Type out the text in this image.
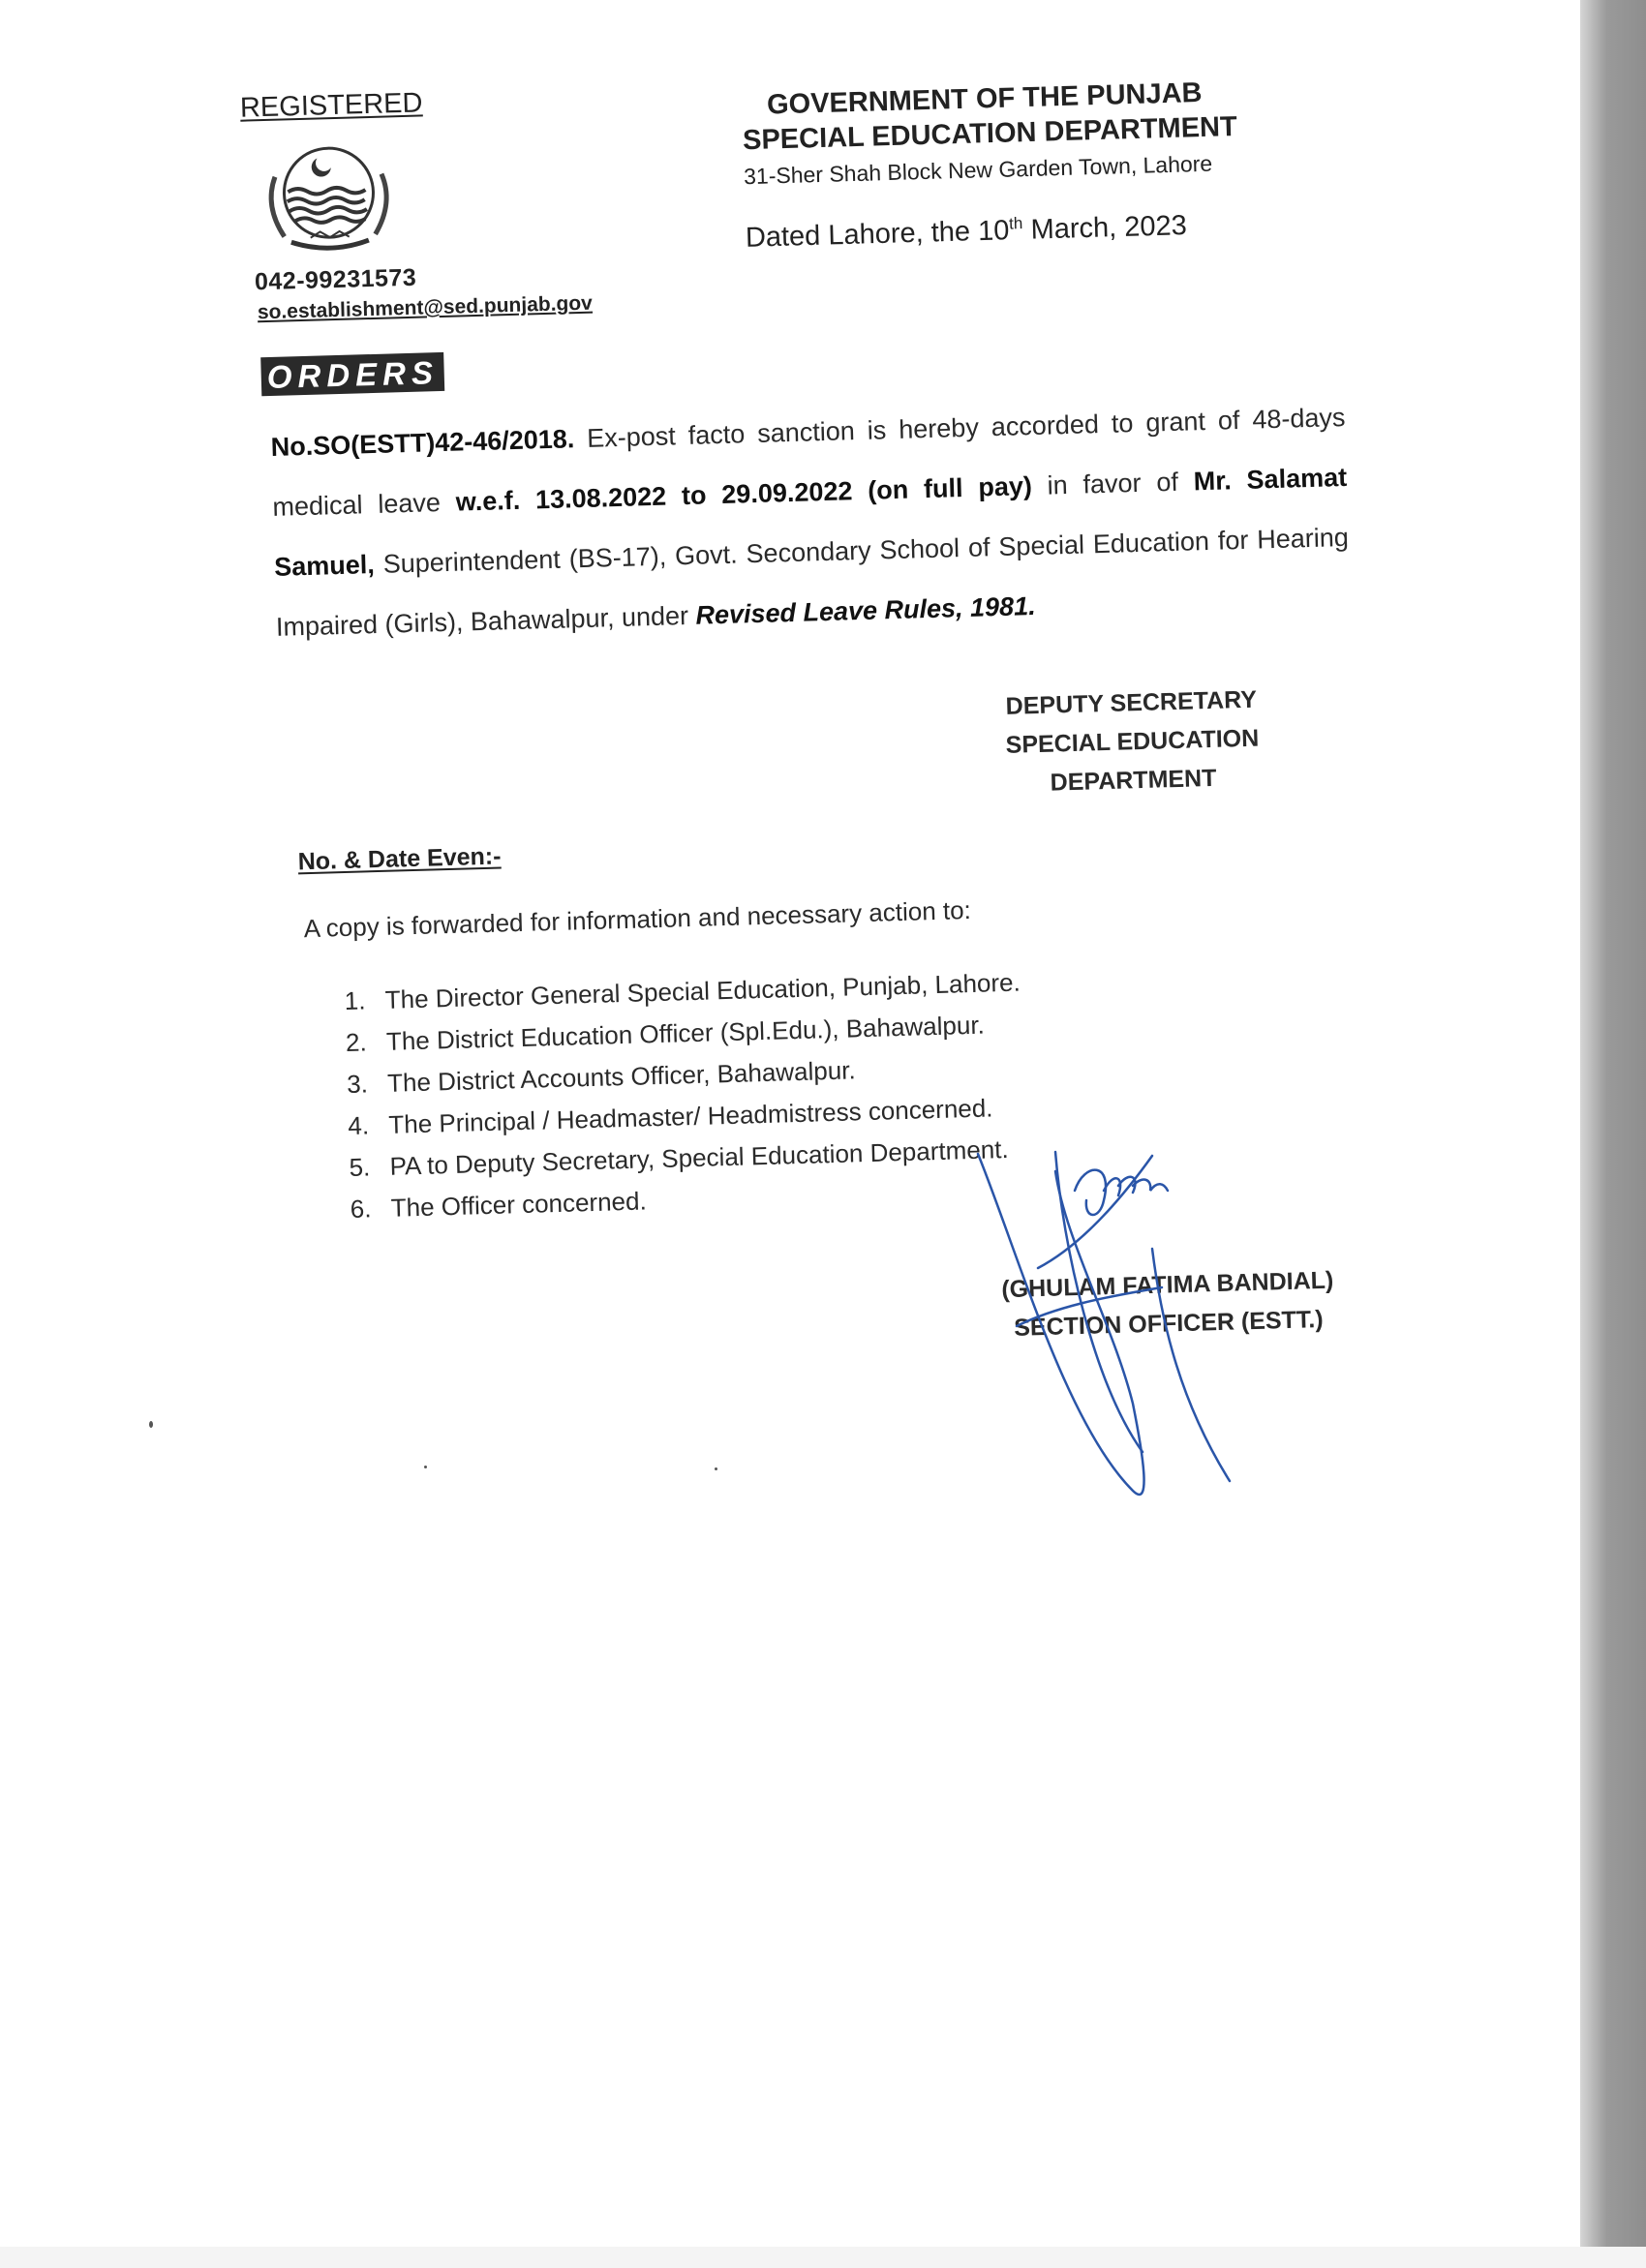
REGISTERED
042-99231573
so.establishment@sed.punjab.gov
GOVERNMENT OF THE PUNJAB
SPECIAL EDUCATION DEPARTMENT
31-Sher Shah Block New Garden Town, Lahore
Dated Lahore, the 10th March, 2023
ORDERS
No.SO(ESTT)42-46/2018. Ex-post facto sanction is hereby accorded to grant of 48-days medical leave w.e.f. 13.08.2022 to 29.09.2022 (on full pay) in favor of Mr. Salamat Samuel, Superintendent (BS-17), Govt. Secondary School of Special Education for Hearing Impaired (Girls), Bahawalpur, under Revised Leave Rules, 1981.
DEPUTY SECRETARY
SPECIAL EDUCATION
DEPARTMENT
No. & Date Even:-
A copy is forwarded for information and necessary action to:
1. The Director General Special Education, Punjab, Lahore.
2. The District Education Officer (Spl.Edu.), Bahawalpur.
3. The District Accounts Officer, Bahawalpur.
4. The Principal / Headmaster/ Headmistress concerned.
5. PA to Deputy Secretary, Special Education Department.
6. The Officer concerned.
(GHULAM FATIMA BANDIAL)
SECTION OFFICER (ESTT.)
